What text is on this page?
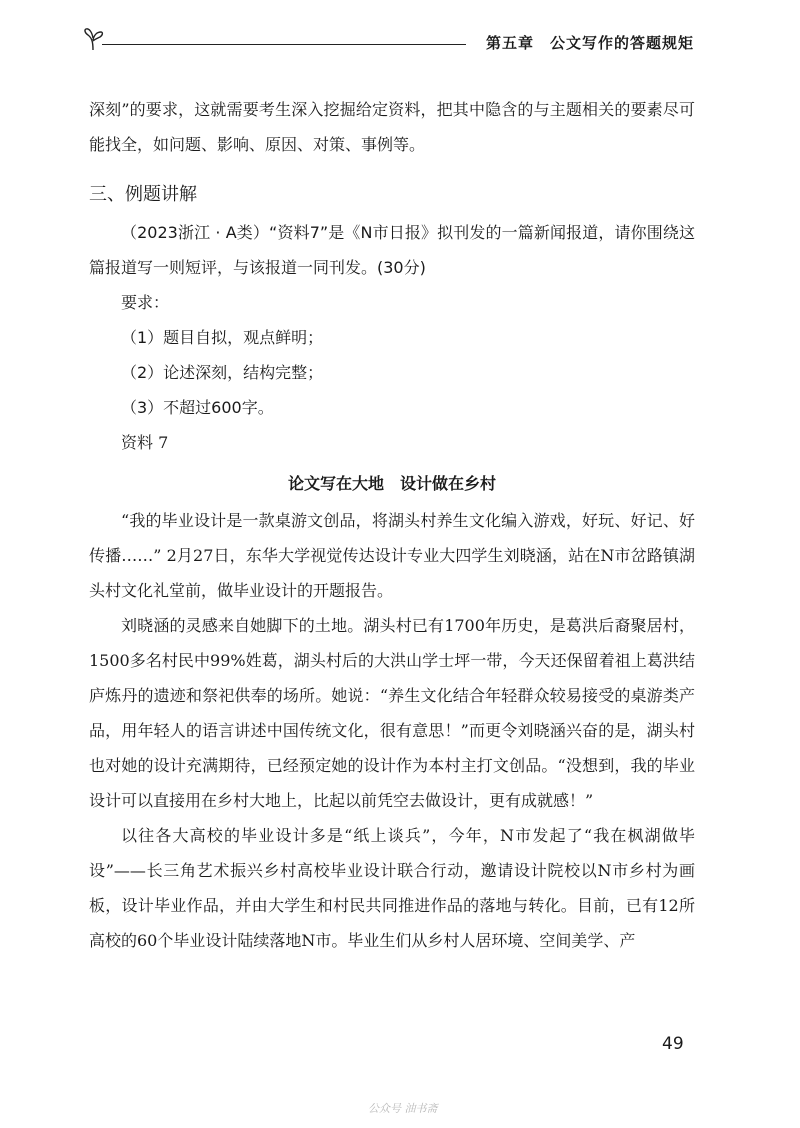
第五章 公文写作的答题规矩

深刻”的要求，这就需要考生深入挖掘给定资料，把其中隐含的与主题相关的要素尽可能找全，如问题、影响、原因、对策、事例等。

三、例题讲解

（2023浙江 · A类）“资料7”是《N市日报》拟刊发的一篇新闻报道，请你围绕这篇报道写一则短评，与该报道一同刊发。(30分)

要求：

（1）题目自拟，观点鲜明；

（2）论述深刻，结构完整；

（3）不超过600字。

资料 7

论文写在大地 设计做在乡村

“我的毕业设计是一款桌游文创品，将湖头村养生文化编入游戏，好玩、好记、好传播……” 2月27日，东华大学视觉传达设计专业大四学生刘晓涵，站在N市岔路镇湖头村文化礼堂前，做毕业设计的开题报告。

刘晓涵的灵感来自她脚下的土地。湖头村已有1700年历史，是葛洪后裔聚居村，1500多名村民中99%姓葛，湖头村后的大洪山学士坪一带，今天还保留着祖上葛洪结庐炼丹的遗迹和祭祀供奉的场所。她说：“养生文化结合年轻群众较易接受的桌游类产品，用年轻人的语言讲述中国传统文化，很有意思！”而更令刘晓涵兴奋的是，湖头村也对她的设计充满期待，已经预定她的设计作为本村主打文创品。“没想到，我的毕业设计可以直接用在乡村大地上，比起以前凭空去做设计，更有成就感！”

以往各大高校的毕业设计多是“纸上谈兵”，今年，N市发起了“我在枫湖做毕设”——长三角艺术振兴乡村高校毕业设计联合行动，邀请设计院校以N市乡村为画板，设计毕业作品，并由大学生和村民共同推进作品的落地与转化。目前，已有12所高校的60个毕业设计陆续落地N市。毕业生们从乡村人居环境、空间美学、产

49
公众号 油书斋
